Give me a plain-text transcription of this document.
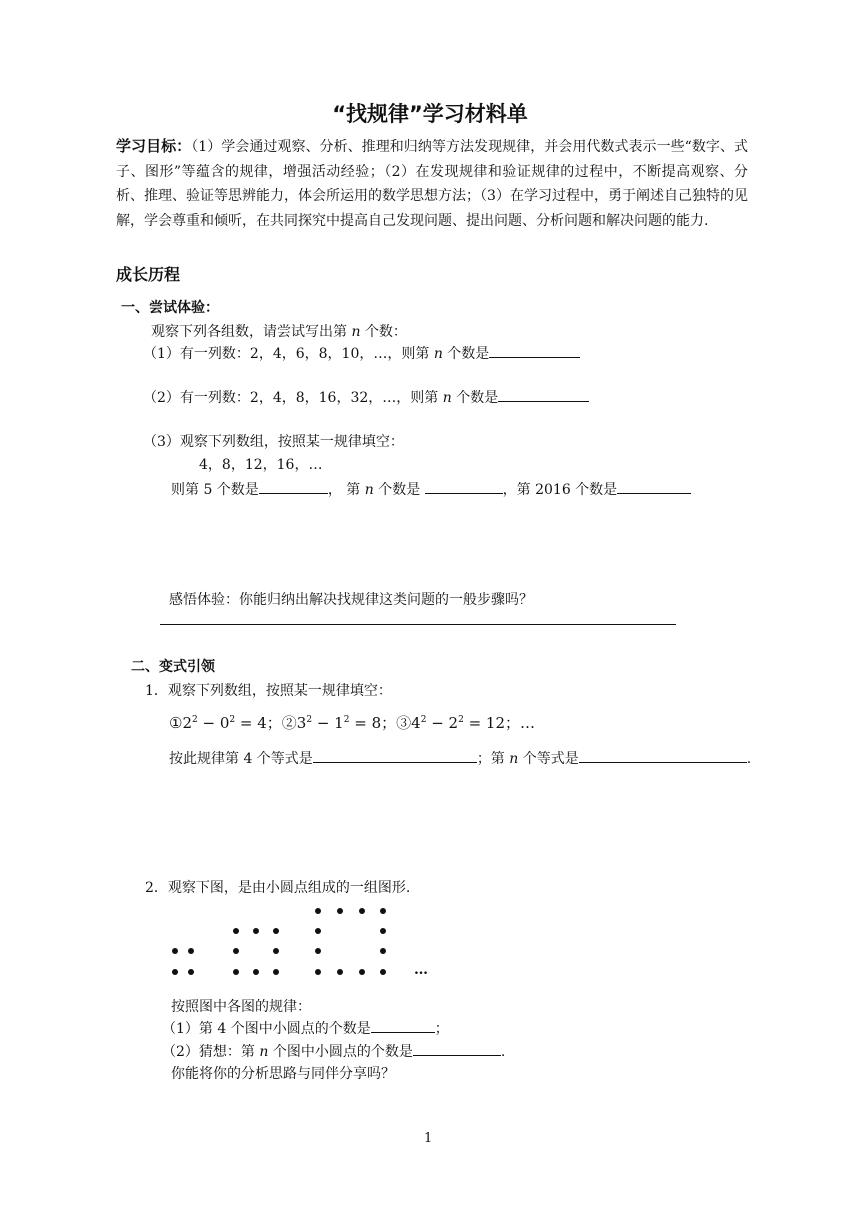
“找规律”学习材料单
学习目标：（1）学会通过观察、分析、推理和归纳等方法发现规律，并会用代数式表示一些“数字、式子、图形”等蕴含的规律，增强活动经验；（2）在发现规律和验证规律的过程中，不断提高观察、分析、推理、验证等思辨能力，体会所运用的数学思想方法；（3）在学习过程中，勇于阐述自己独特的见解，学会尊重和倾听，在共同探究中提高自己发现问题、提出问题、分析问题和解决问题的能力.
成长历程
一、尝试体验：
观察下列各组数，请尝试写出第 n 个数：
（1）有一列数：2，4，6，8，10，…，则第 n 个数是
（2）有一列数：2，4，8，16，32，…，则第 n 个数是
（3）观察下列数组，按照某一规律填空：
4，8，12，16，…
则第 5 个数是	， 第 n 个数是	，第 2016 个数是
感悟体验：你能归纳出解决找规律这类问题的一般步骤吗？
二、变式引领
1．观察下列数组，按照某一规律填空：
$①2^2 - 0^2 = 4$；$②3^2 - 1^2 = 8$；$③4^2 - 2^2 = 12$；…
按此规律第 4 个等式是	；第 n 个等式是	.
2．观察下图，是由小圆点组成的一组图形.
…
按照图中各图的规律：
（1）第 4 个图中小圆点的个数是	；
（2）猜想：第 n 个图中小圆点的个数是	.
你能将你的分析思路与同伴分享吗？
1
